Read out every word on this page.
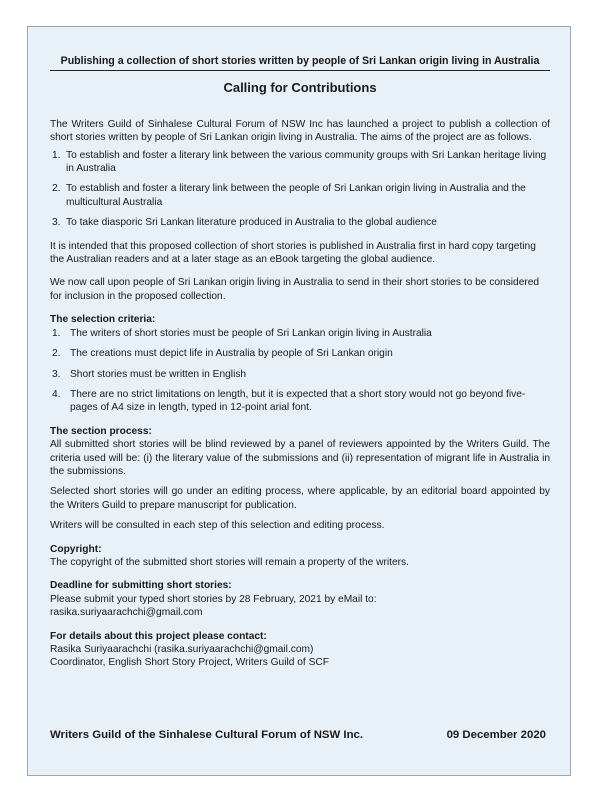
Publishing a collection of short stories written by people of Sri Lankan origin living in Australia
Calling for Contributions

The Writers Guild of Sinhalese Cultural Forum of NSW Inc has launched a project to publish a collection of short stories written by people of Sri Lankan origin living in Australia. The aims of the project are as follows.

1. To establish and foster a literary link between the various community groups with Sri Lankan heritage living in Australia
2. To establish and foster a literary link between the people of Sri Lankan origin living in Australia and the multicultural Australia
3. To take diasporic Sri Lankan literature produced in Australia to the global audience

It is intended that this proposed collection of short stories is published in Australia first in hard copy targeting the Australian readers and at a later stage as an eBook targeting the global audience.

We now call upon people of Sri Lankan origin living in Australia to send in their short stories to be considered for inclusion in the proposed collection.

The selection criteria:

1. The writers of short stories must be people of Sri Lankan origin living in Australia
2. The creations must depict life in Australia by people of Sri Lankan origin
3. Short stories must be written in English
4. There are no strict limitations on length, but it is expected that a short story would not go beyond five-pages of A4 size in length, typed in 12-point arial font.

The section process:

All submitted short stories will be blind reviewed by a panel of reviewers appointed by the Writers Guild. The criteria used will be: (i) the literary value of the submissions and (ii) representation of migrant life in Australia in the submissions.

Selected short stories will go under an editing process, where applicable, by an editorial board appointed by the Writers Guild to prepare manuscript for publication.

Writers will be consulted in each step of this selection and editing process.

Copyright:

The copyright of the submitted short stories will remain a property of the writers.

Deadline for submitting short stories:

Please submit your typed short stories by 28 February, 2021 by eMail to:

rasika.suriyaarachchi@gmail.com

For details about this project please contact:

Rasika Suriyaarachchi (rasika.suriyaarachchi@gmail.com)

Coordinator, English Short Story Project, Writers Guild of SCF

Writers Guild of the Sinhalese Cultural Forum of NSW Inc.	09 December 2020
